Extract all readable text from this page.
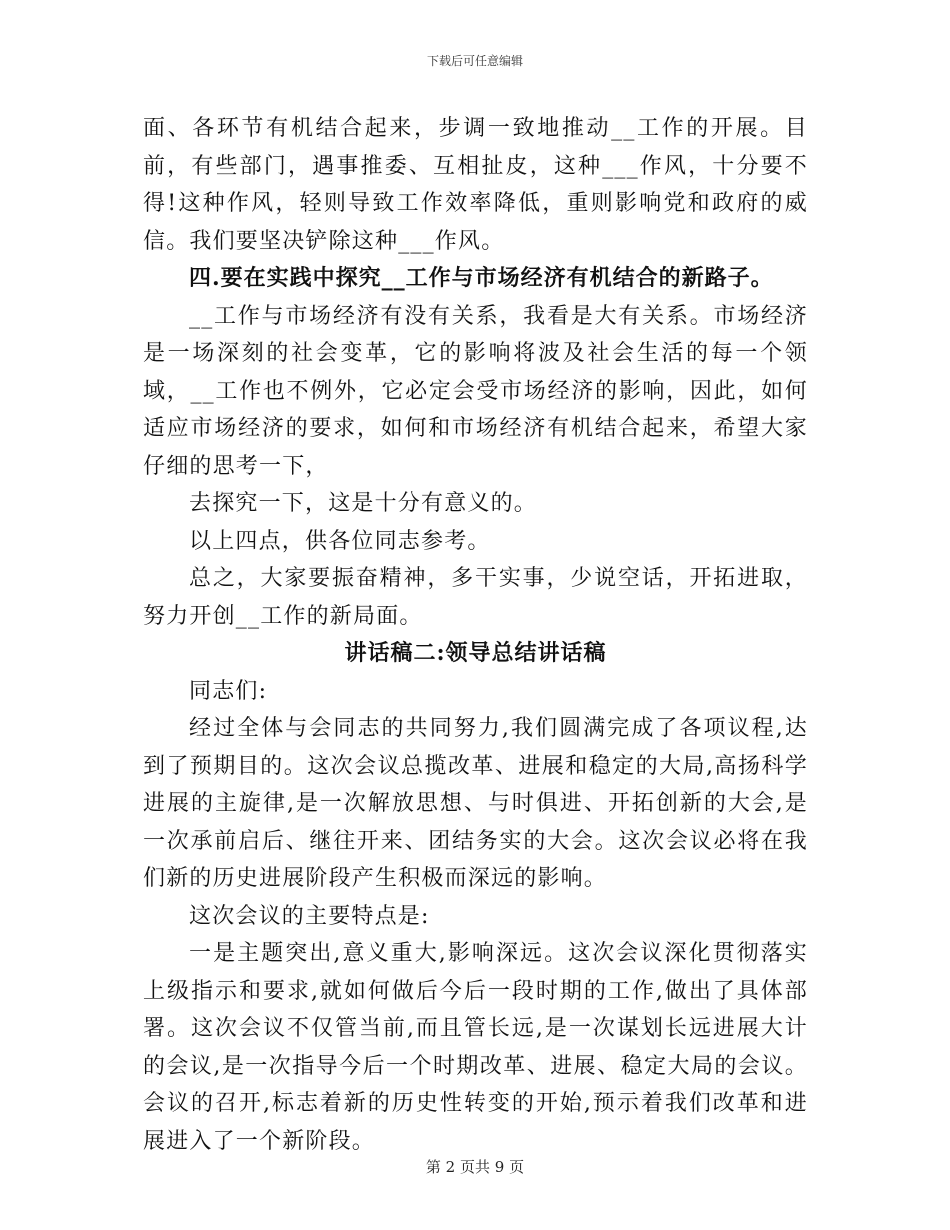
下载后可任意编辑

面、各环节有机结合起来，步调一致地推动__工作的开展。目前，有些部门，遇事推委、互相扯皮，这种___作风，十分要不得!这种作风，轻则导致工作效率降低，重则影响党和政府的威信。我们要坚决铲除这种___作风。

四.要在实践中探究__工作与市场经济有机结合的新路子。

__工作与市场经济有没有关系，我看是大有关系。市场经济是一场深刻的社会变革，它的影响将波及社会生活的每一个领域，__工作也不例外，它必定会受市场经济的影响，因此，如何适应市场经济的要求，如何和市场经济有机结合起来，希望大家仔细的思考一下，

去探究一下，这是十分有意义的。

以上四点，供各位同志参考。

总之，大家要振奋精神，多干实事，少说空话，开拓进取，努力开创__工作的新局面。

讲话稿二:领导总结讲话稿

同志们:

经过全体与会同志的共同努力,我们圆满完成了各项议程,达到了预期目的。这次会议总揽改革、进展和稳定的大局,高扬科学进展的主旋律,是一次解放思想、与时俱进、开拓创新的大会,是一次承前启后、继往开来、团结务实的大会。这次会议必将在我们新的历史进展阶段产生积极而深远的影响。

这次会议的主要特点是:

一是主题突出,意义重大,影响深远。这次会议深化贯彻落实上级指示和要求,就如何做后今后一段时期的工作,做出了具体部署。这次会议不仅管当前,而且管长远,是一次谋划长远进展大计的会议,是一次指导今后一个时期改革、进展、稳定大局的会议。会议的召开,标志着新的历史性转变的开始,预示着我们改革和进展进入了一个新阶段。

第 2 页共 9 页
